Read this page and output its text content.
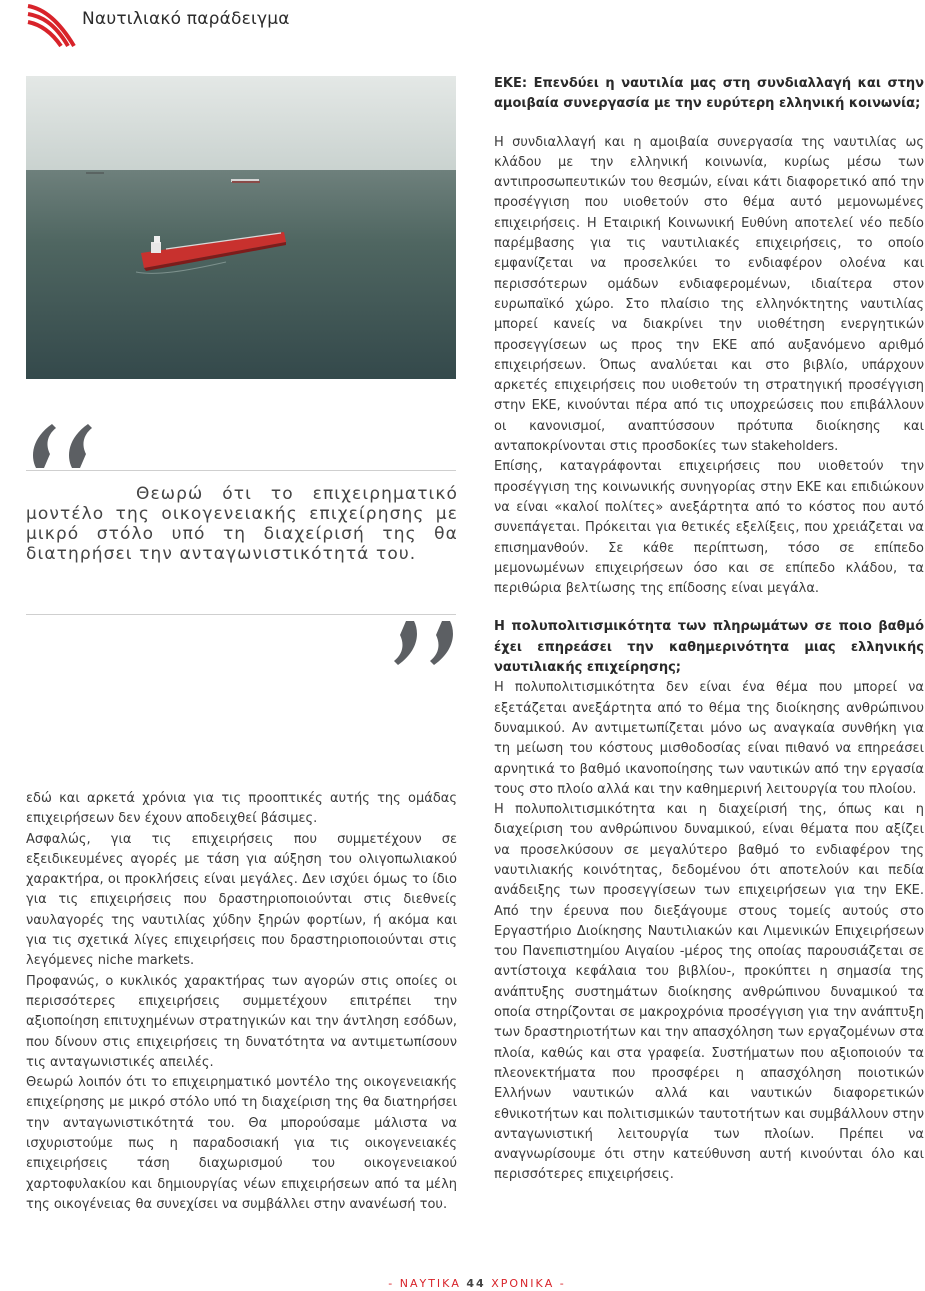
Ναυτιλιακό παράδειγμα
Θεωρώ ότι το επιχειρηματικό μοντέλο της οικογενειακής επιχείρησης με μικρό στόλο υπό τη διαχείρισή της θα διατηρήσει την ανταγωνιστικότητά του.

εδώ και αρκετά χρόνια για τις προοπτικές αυτής της ομάδας επιχειρήσεων δεν έχουν αποδειχθεί βάσιμες.

Ασφαλώς, για τις επιχειρήσεις που συμμετέχουν σε εξειδικευμένες αγορές με τάση για αύξηση του ολιγοπωλιακού χαρακτήρα, οι προκλήσεις είναι μεγάλες. Δεν ισχύει όμως το ίδιο για τις επιχειρήσεις που δραστηριοποιούνται στις διεθνείς ναυλαγορές της ναυτιλίας χύδην ξηρών φορτίων, ή ακόμα και για τις σχετικά λίγες επιχειρήσεις που δραστηριοποιούνται στις λεγόμενες niche markets.

Προφανώς, ο κυκλικός χαρακτήρας των αγορών στις οποίες οι περισσότερες επιχειρήσεις συμμετέχουν επιτρέπει την αξιοποίηση επιτυχημένων στρατηγικών και την άντληση εσόδων, που δίνουν στις επιχειρήσεις τη δυνατότητα να αντιμετωπίσουν τις ανταγωνιστικές απειλές.

Θεωρώ λοιπόν ότι το επιχειρηματικό μοντέλο της οικογενειακής επιχείρησης με μικρό στόλο υπό τη διαχείριση της θα διατηρήσει την ανταγωνιστικότητά του. Θα μπορούσαμε μάλιστα να ισχυριστούμε πως η παραδοσιακή για τις οικογενειακές επιχειρήσεις τάση διαχωρισμού του οικογενειακού χαρτοφυλακίου και δημιουργίας νέων επιχειρήσεων από τα μέλη της οικογένειας θα συνεχίσει να συμβάλλει στην ανανέωσή του.

ΕΚΕ: Επενδύει η ναυτιλία μας στη συνδιαλλαγή και στην αμοιβαία συνεργασία με την ευρύτερη ελληνική κοινωνία;

Η συνδιαλλαγή και η αμοιβαία συνεργασία της ναυτιλίας ως κλάδου με την ελληνική κοινωνία, κυρίως μέσω των αντιπροσωπευτικών του θεσμών, είναι κάτι διαφορετικό από την προσέγγιση που υιοθετούν στο θέμα αυτό μεμονωμένες επιχειρήσεις. Η Εταιρική Κοινωνική Ευθύνη αποτελεί νέο πεδίο παρέμβασης για τις ναυτιλιακές επιχειρήσεις, το οποίο εμφανίζεται να προσελκύει το ενδιαφέρον ολοένα και περισσότερων ομάδων ενδιαφερομένων, ιδιαίτερα στον ευρωπαϊκό χώρο. Στο πλαίσιο της ελληνόκτητης ναυτιλίας μπορεί κανείς να διακρίνει την υιοθέτηση ενεργητικών προσεγγίσεων ως προς την ΕΚΕ από αυξανόμενο αριθμό επιχειρήσεων. Όπως αναλύεται και στο βιβλίο, υπάρχουν αρκετές επιχειρήσεις που υιοθετούν τη στρατηγική προσέγγιση στην ΕΚΕ, κινούνται πέρα από τις υποχρεώσεις που επιβάλλουν οι κανονισμοί, αναπτύσσουν πρότυπα διοίκησης και ανταποκρίνονται στις προσδοκίες των stakeholders.

Επίσης, καταγράφονται επιχειρήσεις που υιοθετούν την προσέγγιση της κοινωνικής συνηγορίας στην ΕΚΕ και επιδιώκουν να είναι «καλοί πολίτες» ανεξάρτητα από το κόστος που αυτό συνεπάγεται. Πρόκειται για θετικές εξελίξεις, που χρειάζεται να επισημανθούν. Σε κάθε περίπτωση, τόσο σε επίπεδο μεμονωμένων επιχειρήσεων όσο και σε επίπεδο κλάδου, τα περιθώρια βελτίωσης της επίδοσης είναι μεγάλα.

Η πολυπολιτισμικότητα των πληρωμάτων σε ποιο βαθμό έχει επηρεάσει την καθημερινότητα μιας ελληνικής ναυτιλιακής επιχείρησης;

Η πολυπολιτισμικότητα δεν είναι ένα θέμα που μπορεί να εξετάζεται ανεξάρτητα από το θέμα της διοίκησης ανθρώπινου δυναμικού. Αν αντιμετωπίζεται μόνο ως αναγκαία συνθήκη για τη μείωση του κόστους μισθοδοσίας είναι πιθανό να επηρεάσει αρνητικά το βαθμό ικανοποίησης των ναυτικών από την εργασία τους στο πλοίο αλλά και την καθημερινή λειτουργία του πλοίου.

Η πολυπολιτισμικότητα και η διαχείρισή της, όπως και η διαχείριση του ανθρώπινου δυναμικού, είναι θέματα που αξίζει να προσελκύσουν σε μεγαλύτερο βαθμό το ενδιαφέρον της ναυτιλιακής κοινότητας, δεδομένου ότι αποτελούν και πεδία ανάδειξης των προσεγγίσεων των επιχειρήσεων για την ΕΚΕ. Από την έρευνα που διεξάγουμε στους τομείς αυτούς στο Εργαστήριο Διοίκησης Ναυτιλιακών και Λιμενικών Επιχειρήσεων του Πανεπιστημίου Αιγαίου -μέρος της οποίας παρουσιάζεται σε αντίστοιχα κεφάλαια του βιβλίου-, προκύπτει η σημασία της ανάπτυξης συστημάτων διοίκησης ανθρώπινου δυναμικού τα οποία στηρίζονται σε μακροχρόνια προσέγγιση για την ανάπτυξη των δραστηριοτήτων και την απασχόληση των εργαζομένων στα πλοία, καθώς και στα γραφεία. Συστήματων που αξιοποιούν τα πλεονεκτήματα που προσφέρει η απασχόληση ποιοτικών Ελλήνων ναυτικών αλλά και ναυτικών διαφορετικών εθνικοτήτων και πολιτισμικών ταυτοτήτων και συμβάλλουν στην ανταγωνιστική λειτουργία των πλοίων. Πρέπει να αναγνωρίσουμε ότι στην κατεύθυνση αυτή κινούνται όλο και περισσότερες επιχειρήσεις.

- ΝΑΥΤΙΚΑ 44 ΧΡΟΝΙΚΑ -
